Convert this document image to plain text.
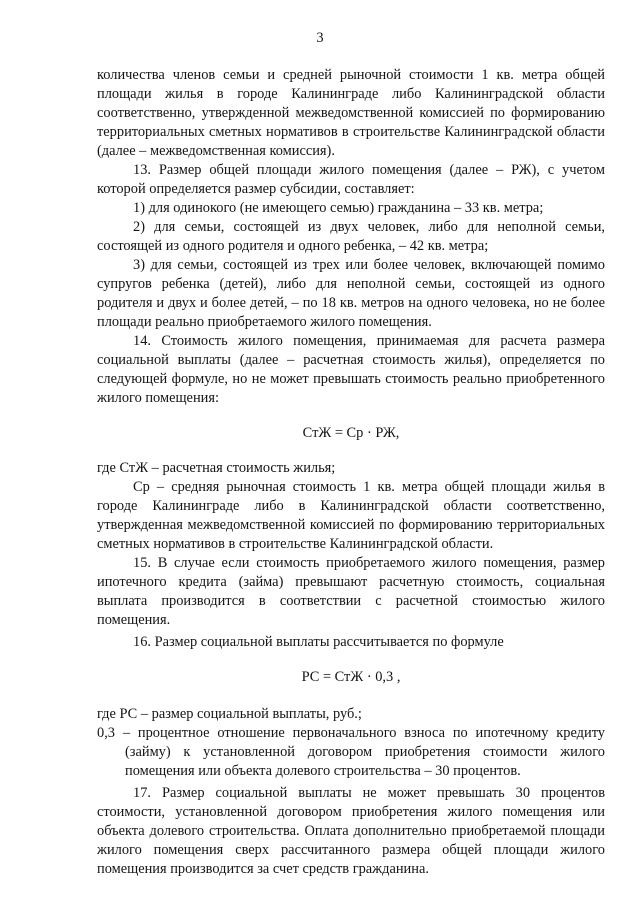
3

количества членов семьи и средней рыночной стоимости 1 кв. метра общей площади жилья в городе Калининграде либо Калининградской области соответственно, утвержденной межведомственной комиссией по формированию территориальных сметных нормативов в строительстве Калининградской области (далее – межведомственная комиссия).

13. Размер общей площади жилого помещения (далее – РЖ), с учетом которой определяется размер субсидии, составляет:

1) для одинокого (не имеющего семью) гражданина – 33 кв. метра;

2) для семьи, состоящей из двух человек, либо для неполной семьи, состоящей из одного родителя и одного ребенка, – 42 кв. метра;

3) для семьи, состоящей из трех или более человек, включающей помимо супругов ребенка (детей), либо для неполной семьи, состоящей из одного родителя и двух и более детей, – по 18 кв. метров на одного человека, но не более площади реально приобретаемого жилого помещения.

14. Стоимость жилого помещения, принимаемая для расчета размера социальной выплаты (далее – расчетная стоимость жилья), определяется по следующей формуле, но не может превышать стоимость реально приобретенного жилого помещения:

СтЖ = Ср · РЖ,

где СтЖ – расчетная стоимость жилья;

Ср – средняя рыночная стоимость 1 кв. метра общей площади жилья в городе Калининграде либо в Калининградской области соответственно, утвержденная межведомственной комиссией по формированию территориальных сметных нормативов в строительстве Калининградской области.

15. В случае если стоимость приобретаемого жилого помещения, размер ипотечного кредита (займа) превышают расчетную стоимость, социальная выплата производится в соответствии с расчетной стоимостью жилого помещения.

16. Размер социальной выплаты рассчитывается по формуле

РС = СтЖ · 0,3 ,

где РС – размер социальной выплаты, руб.;

0,3 – процентное отношение первоначального взноса по ипотечному кредиту (займу) к установленной договором приобретения стоимости жилого помещения или объекта долевого строительства – 30 процентов.

17. Размер социальной выплаты не может превышать 30 процентов стоимости, установленной договором приобретения жилого помещения или объекта долевого строительства. Оплата дополнительно приобретаемой площади жилого помещения сверх рассчитанного размера общей площади жилого помещения производится за счет средств гражданина.
